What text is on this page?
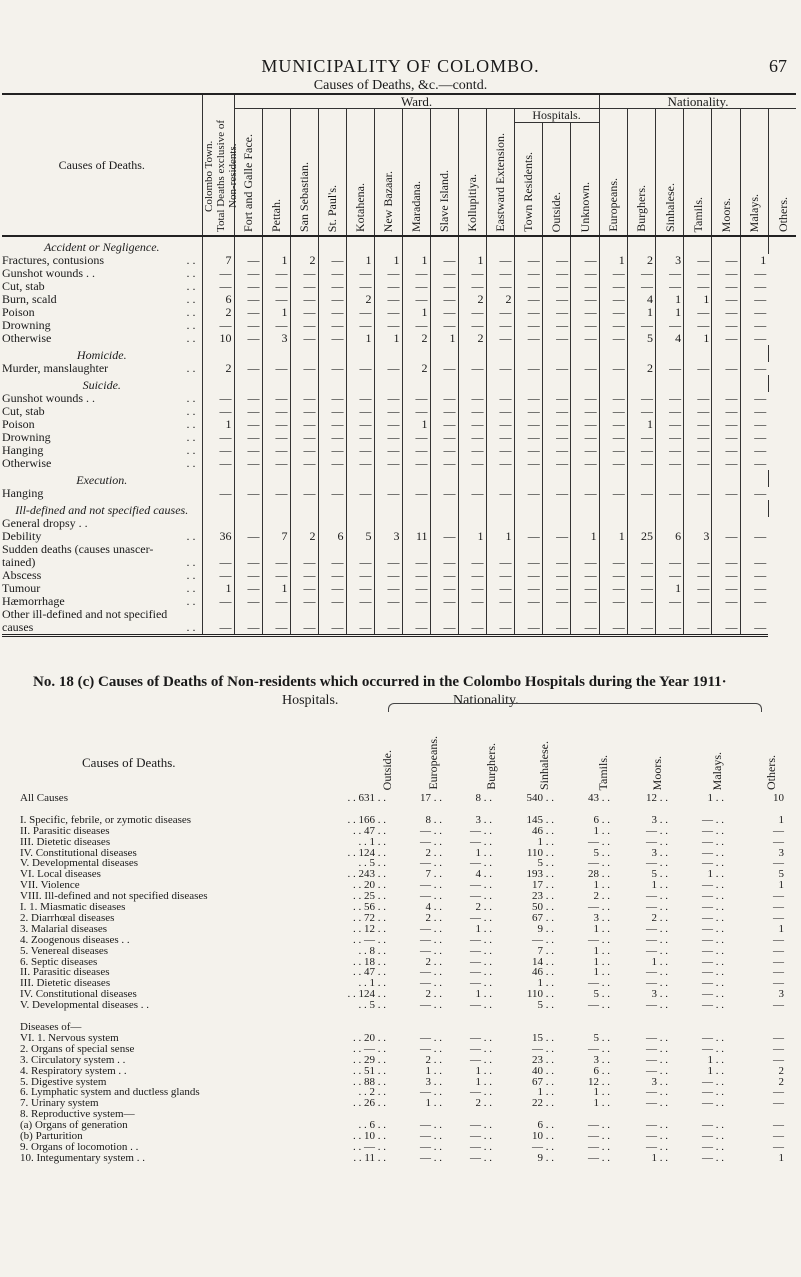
MUNICIPALITY OF COLOMBO.	67
Causes of Deaths, &c.—contd.
Causes of Deaths.	Colombo Town.
Total Deaths exclusive of
Non-residents.	Ward.													Nationality.						
		Fort and Galle Face.	Pettah.	San Sebastian.	St. Paul's.	Kotahena.	New Bazaar.	Maradana.	Slave Island.	Kollupitiya.	Eastward Extension.	Hospitals.			Europeans.	Burghers.	Sinhalese.	Tamils.	Moors.	Malays.	Others.
												Town Residents.	Outside.	Unknown.							
Accident or Negligence.																					
Fractures, contusions . .	7	—	1	2	—	1	1	1	—	1	—	—	—	—	1	2	3	—	—	1	
Gunshot wounds . . . .	—	—	—	—	—	—	—	—	—	—	—	—	—	—	—	—	—	—	—	—	
Cut, stab . .	—	—	—	—	—	—	—	—	—	—	—	—	—	—	—	—	—	—	—	—	
Burn, scald . .	6	—	—	—	—	2	—	—	—	2	2	—	—	—	—	4	1	1	—	—	
Poison . .	2	—	1	—	—	—	—	1	—	—	—	—	—	—	—	1	1	—	—	—	
Drowning . .	—	—	—	—	—	—	—	—	—	—	—	—	—	—	—	—	—	—	—	—	
Otherwise . .	10	—	3	—	—	1	1	2	1	2	—	—	—	—	—	5	4	1	—	—	
Homicide.																					
Murder, manslaughter . .	2	—	—	—	—	—	—	2	—	—	—	—	—	—	—	2	—	—	—	—	
Suicide.																					
Gunshot wounds . . . .	—	—	—	—	—	—	—	—	—	—	—	—	—	—	—	—	—	—	—	—	
Cut, stab . .	—	—	—	—	—	—	—	—	—	—	—	—	—	—	—	—	—	—	—	—	
Poison . .	1	—	—	—	—	—	—	1	—	—	—	—	—	—	—	1	—	—	—	—	
Drowning . .	—	—	—	—	—	—	—	—	—	—	—	—	—	—	—	—	—	—	—	—	
Hanging . .	—	—	—	—	—	—	—	—	—	—	—	—	—	—	—	—	—	—	—	—	
Otherwise . .	—	—	—	—	—	—	—	—	—	—	—	—	—	—	—	—	—	—	—	—	
Execution.																					
Hanging	—	—	—	—	—	—	—	—	—	—	—	—	—	—	—	—	—	—	—	—	
Ill-defined and not specified causes.																					
General dropsy . .	

Debility . .	36	—	7	2	6	5	3	11	—	1	1	—	—	1	1	25	6	3	—	—	
Sudden deaths (causes unascer-	

tained) . .	—	—	—	—	—	—	—	—	—	—	—	—	—	—	—	—	—	—	—	—	
Abscess . .	—	—	—	—	—	—	—	—	—	—	—	—	—	—	—	—	—	—	—	—	
Tumour . .	1	—	1	—	—	—	—	—	—	—	—	—	—	—	—	—	1	—	—	—	
Hæmorrhage . .	—	—	—	—	—	—	—	—	—	—	—	—	—	—	—	—	—	—	—	—	
Other ill-defined and not specified	

causes . .	—	—	—	—	—	—	—	—	—	—	—	—	—	—	—	—	—	—	—	—	
No. 18 (c) Causes of Deaths of Non-residents which occurred in the Colombo Hospitals during the Year 1911·
Hospitals.	Nationality.
Causes of Deaths.	Outside.	Europeans.	Burghers.	Sinhalese.	Tamils.	Moors.	Malays.	Others.
All Causes	. . 631 . .	17 . .	8 . .	540 . .	43 . .	12 . .	1 . .	10

I. Specific, febrile, or zymotic diseases	. . 166 . .	8 . .	3 . .	145 . .	6 . .	3 . .	— . .	1
II. Parasitic diseases	. . 47 . .	— . .	— . .	46 . .	1 . .	— . .	— . .	—
III. Dietetic diseases	. . 1 . .	— . .	— . .	1 . .	— . .	— . .	— . .	—
IV. Constitutional diseases	. . 124 . .	2 . .	1 . .	110 . .	5 . .	3 . .	— . .	3
V. Developmental diseases	. . 5 . .	— . .	— . .	5 . .	— . .	— . .	— . .	—
VI. Local diseases	. . 243 . .	7 . .	4 . .	193 . .	28 . .	5 . .	1 . .	5
VII. Violence	. . 20 . .	— . .	— . .	17 . .	1 . .	1 . .	— . .	1
VIII. Ill-defined and not specified diseases	. . 25 . .	— . .	— . .	23 . .	2 . .	— . .	— . .	—
I. 1. Miasmatic diseases	. . 56 . .	4 . .	2 . .	50 . .	— . .	— . .	— . .	—
2. Diarrhœal diseases	. . 72 . .	2 . .	— . .	67 . .	3 . .	2 . .	— . .	—
3. Malarial diseases	. . 12 . .	— . .	1 . .	9 . .	1 . .	— . .	— . .	1
4. Zoogenous diseases . .	. . — . .	— . .	— . .	— . .	— . .	— . .	— . .	—
5. Venereal diseases	. . 8 . .	— . .	— . .	7 . .	1 . .	— . .	— . .	—
6. Septic diseases	. . 18 . .	2 . .	— . .	14 . .	1 . .	1 . .	— . .	—
II. Parasitic diseases	. . 47 . .	— . .	— . .	46 . .	1 . .	— . .	— . .	—
III. Dietetic diseases	. . 1 . .	— . .	— . .	1 . .	— . .	— . .	— . .	—
IV. Constitutional diseases	. . 124 . .	2 . .	1 . .	110 . .	5 . .	3 . .	— . .	3
V. Developmental diseases . .	. . 5 . .	— . .	— . .	5 . .	— . .	— . .	— . .	—

Diseases of—								
VI. 1. Nervous system	. . 20 . .	— . .	— . .	15 . .	5 . .	— . .	— . .	—
2. Organs of special sense	. . — . .	— . .	— . .	— . .	— . .	— . .	— . .	—
3. Circulatory system . .	. . 29 . .	2 . .	— . .	23 . .	3 . .	— . .	1 . .	—
4. Respiratory system . .	. . 51 . .	1 . .	1 . .	40 . .	6 . .	— . .	1 . .	2
5. Digestive system	. . 88 . .	3 . .	1 . .	67 . .	12 . .	3 . .	— . .	2
6. Lymphatic system and ductless glands	. . 2 . .	— . .	— . .	1 . .	1 . .	— . .	— . .	—
7. Urinary system	. . 26 . .	1 . .	2 . .	22 . .	1 . .	— . .	— . .	—
8. Reproductive system—								
(a) Organs of generation	. . 6 . .	— . .	— . .	6 . .	— . .	— . .	— . .	—
(b) Parturition	. . 10 . .	— . .	— . .	10 . .	— . .	— . .	— . .	—
9. Organs of locomotion . .	. . — . .	— . .	— . .	— . .	— . .	— . .	— . .	—
10. Integumentary system . .	. . 11 . .	— . .	— . .	9 . .	— . .	1 . .	— . .	1
